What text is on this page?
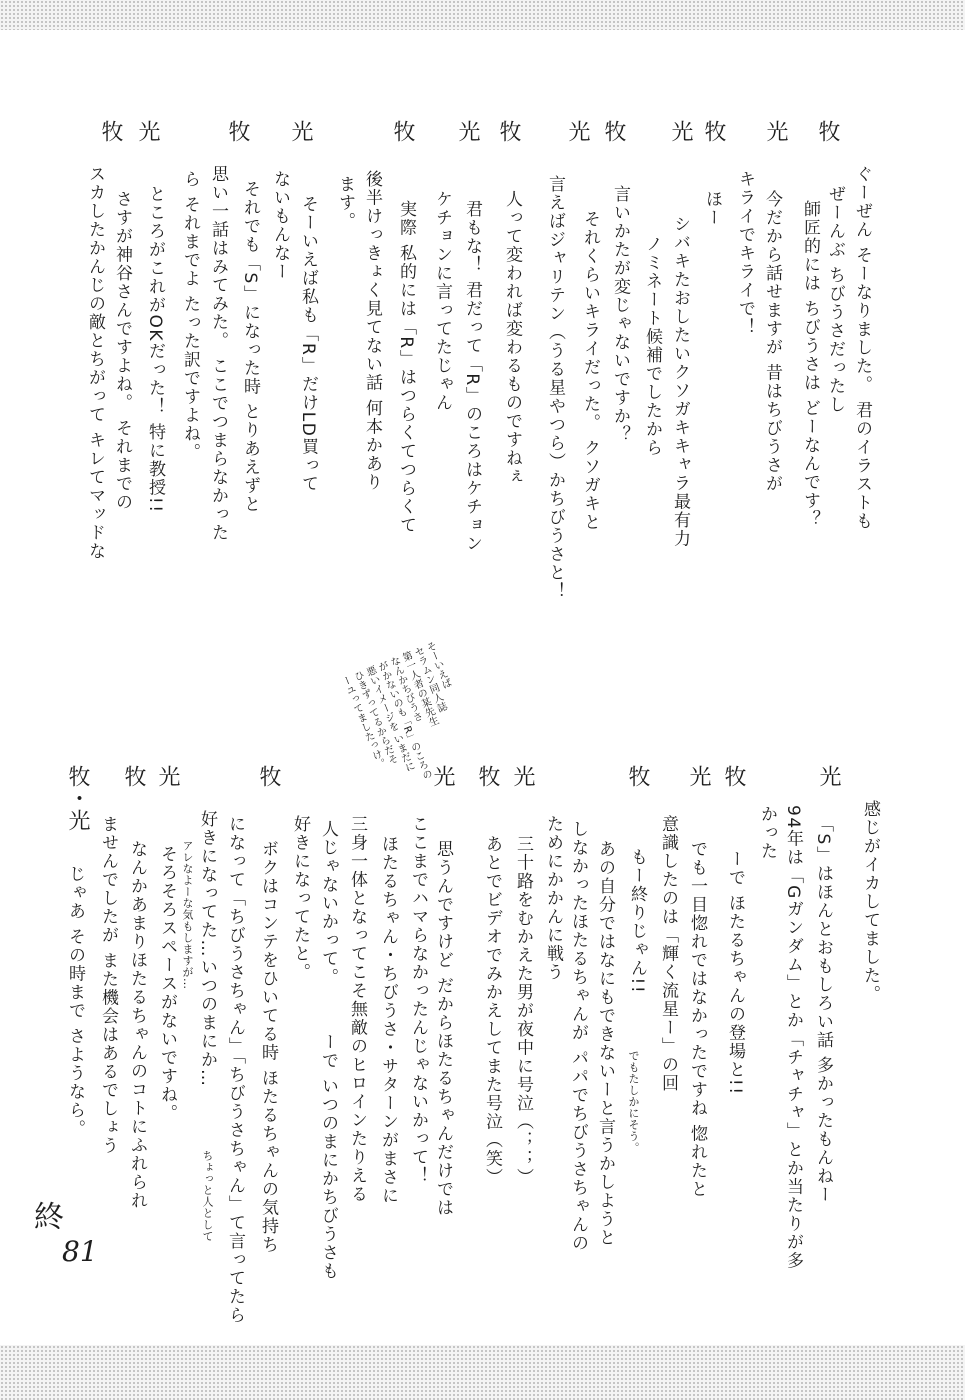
牧
光
牧
光
牧
光
牧
光
牧
光
牧
光
牧
ぐーぜん そーなりました。 君のイラストも
ぜーんぶ ちびうさだったし
師匠的には ちびうさは どーなんです？
今だから話せますが 昔はちびうさが
キライでキライで！
ほー
シバキたおしたいクソガキキャラ最有力
ノミネート候補でしたから
言いかたが変じゃないですか？
それくらいキライだった。 クソガキと
言えばジャリテン（うる星やつら）かちびうさと！
人って変われば変わるものですねぇ
君もな！ 君だって「R」のころはケチョン
ケチョンに言ってたじゃん
実際 私的には「R」はつらくてつらくて
後半けっきょく見てない話 何本かあり
ます。
そーいえば私も「R」だけLD買って
ないもんなー
それでも「S」になった時 とりあえずと
思い一話はみてみた。 ここでつまらなかった
ら それまでよ たった訳ですよね。
ところがこれがOKだった！ 特に教授!!
さすが神谷さんですよね。 それまでの
スカしたかんじの敵とちがって キレてマッドな
そーいえば
セラムン同人誌
第一人者の某先生
なんかちびうさ
がかないのも「R」のころの
悪いイメージを いまだに
ひきずってるからだそ
ーユってましたっけ。
光
牧
光
牧
光
牧
光
牧
光
牧
牧・光
感じがイカしてました。
「S」はほんとおもしろい話 多かったもんねー
94年は「Gガンダム」とか「チャチャ」とか当たりが多
かった
ーで ほたるちゃんの登場と!!
でも一目惚れではなかったですね 惚れたと
意識したのは「輝く流星ー」の回
もー終りじゃん!!
でもたしかにそう。
あの自分ではなにもできないーと言うかしようと
しなかったほたるちゃんが パパでちびうさちゃんの
ためにかかんに戦う
三十路をむかえた男が夜中に号泣（；；）
あとでビデオでみかえしてまた号泣（笑）
思うんですけど だからほたるちゃんだけでは
ここまでハマらなかったんじゃないかって！
ほたるちゃん・ちびうさ・サターンがまさに
三身一体となってこそ無敵のヒロインたりえる
人じゃないかって。
ーで いつのまにかちびうさも
好きになってたと。
ボクはコンテをひいてる時 ほたるちゃんの気持ち
になって「ちびうさちゃん」「ちびうさちゃん」て言ってたら
好きになってた…いつのまにか…
ちょっと人として
アレなよーな気もしますが…
そろそろスペースがないですね。
なんかあまりほたるちゃんのコトにふれられ
ませんでしたが また機会はあるでしょう
じゃあ その時まで さようなら。
終
81
